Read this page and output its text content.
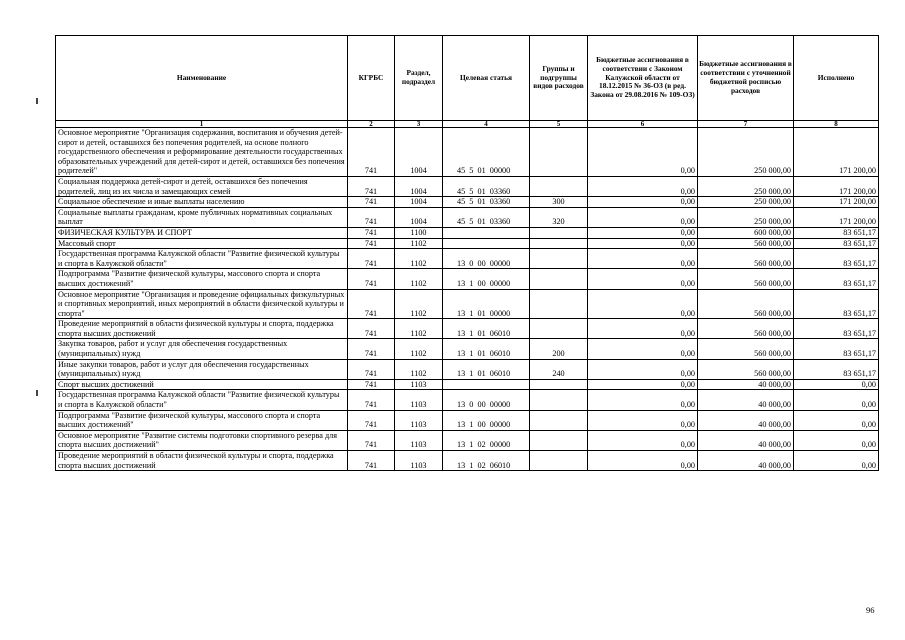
Наименование	КГРБС	Раздел, подраздел	Целевая статья	Группы и подгруппы видов расходов	Бюджетные ассигнования в соответствии с Законом Калужской области от 18.12.2015 № 36-ОЗ (в ред. Закона от 29.08.2016 № 109-ОЗ)	Бюджетные ассигнования в соответствии с уточненной бюджетной росписью расходов	Исполнено
1	2	3	4	5	6	7	8
Основное мероприятие "Организация содержания, воспитания и обучения детей-сирот и детей, оставшихся без попечения родителей, на основе полного государственного обеспечения и реформирование деятельности государственных образовательных учреждений для детей-сирот и детей, оставшихся без попечения родителей"	741	1004	45  5  01  00000		0,00	250 000,00	171 200,00
Социальная поддержка детей-сирот и детей, оставшихся без попечения родителей, лиц из их числа и замещающих семей	741	1004	45  5  01  03360		0,00	250 000,00	171 200,00
Социальное обеспечение и иные выплаты населению	741	1004	45  5  01  03360	300	0,00	250 000,00	171 200,00
Социальные выплаты гражданам, кроме публичных нормативных социальных выплат	741	1004	45  5  01  03360	320	0,00	250 000,00	171 200,00
ФИЗИЧЕСКАЯ КУЛЬТУРА И СПОРТ	741	1100			0,00	600 000,00	83 651,17
Массовый спорт	741	1102			0,00	560 000,00	83 651,17
Государственная программа Калужской области "Развитие физической культуры и спорта в Калужской области"	741	1102	13  0  00  00000		0,00	560 000,00	83 651,17
Подпрограмма "Развитие физической культуры, массового спорта и спорта высших достижений"	741	1102	13  1  00  00000		0,00	560 000,00	83 651,17
Основное мероприятие "Организация и проведение официальных физкультурных и спортивных мероприятий, иных мероприятий в области физической культуры и спорта"	741	1102	13  1  01  00000		0,00	560 000,00	83 651,17
Проведение мероприятий в области физической культуры и спорта, поддержка спорта высших достижений	741	1102	13  1  01  06010		0,00	560 000,00	83 651,17
Закупка товаров, работ и услуг для обеспечения государственных (муниципальных) нужд	741	1102	13  1  01  06010	200	0,00	560 000,00	83 651,17
Иные закупки товаров, работ и услуг для обеспечения государственных (муниципальных) нужд	741	1102	13  1  01  06010	240	0,00	560 000,00	83 651,17
Спорт высших достижений	741	1103			0,00	40 000,00	0,00
Государственная программа Калужской области "Развитие физической культуры и спорта в Калужской области"	741	1103	13  0  00  00000		0,00	40 000,00	0,00
Подпрограмма "Развитие физической культуры, массового спорта и спорта высших достижений"	741	1103	13  1  00  00000		0,00	40 000,00	0,00
Основное мероприятие "Развитие системы подготовки спортивного резерва для спорта высших достижений"	741	1103	13  1  02  00000		0,00	40 000,00	0,00
Проведение мероприятий в области физической культуры и спорта, поддержка спорта высших достижений	741	1103	13  1  02  06010		0,00	40 000,00	0,00
96
